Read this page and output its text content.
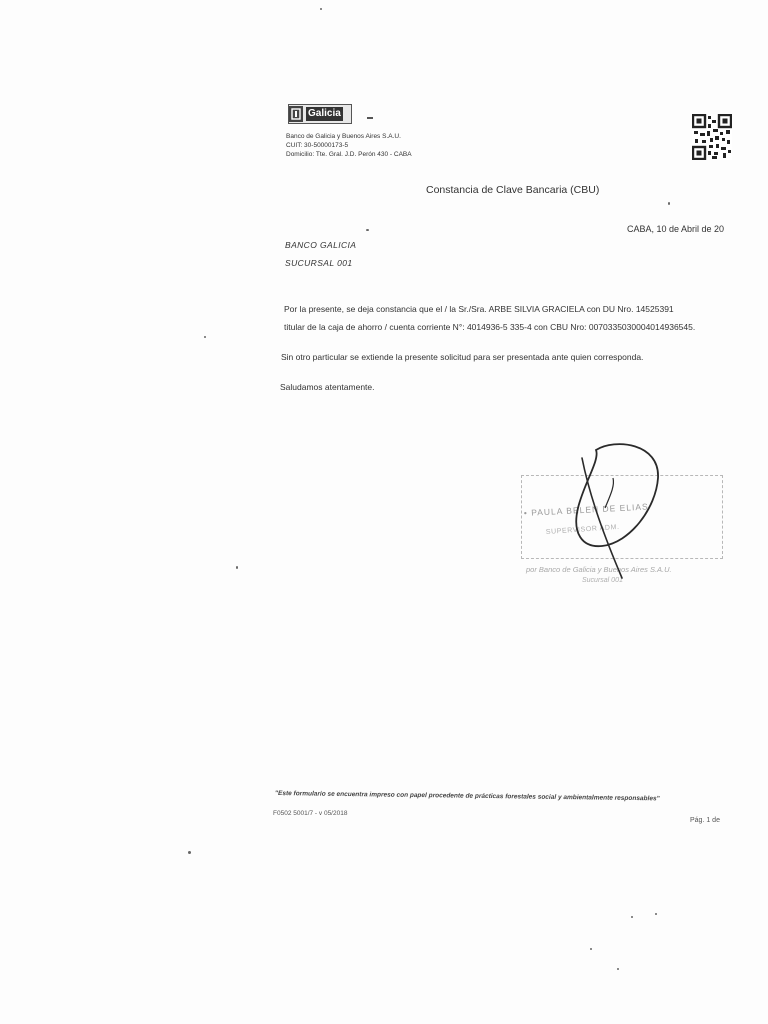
Galicia
Banco de Galicia y Buenos Aires S.A.U.
CUIT: 30-50000173-5
Domicilio: Tte. Gral. J.D. Perón 430 - CABA
Constancia de Clave Bancaria (CBU)
CABA, 10 de Abril de 20
BANCO GALICIA
SUCURSAL 001
Por la presente, se deja constancia que el / la Sr./Sra. ARBE SILVIA GRACIELA con DU Nro. 14525391
titular de la caja de ahorro / cuenta corriente N°: 4014936-5 335-4 con CBU Nro: 0070335030004014936545.
Sin otro particular se extiende la presente solicitud para ser presentada ante quien corresponda.
Saludamos atentamente.
• PAULA BELEN DE ELIAS
SUPERVISOR ADM.
por Banco de Galicia y Buenos Aires S.A.U.
Sucursal 001
"Este formulario se encuentra impreso con papel procedente de prácticas forestales social y ambientalmente responsables"
F0502 5001/7 - v 05/2018
Pág. 1 de
